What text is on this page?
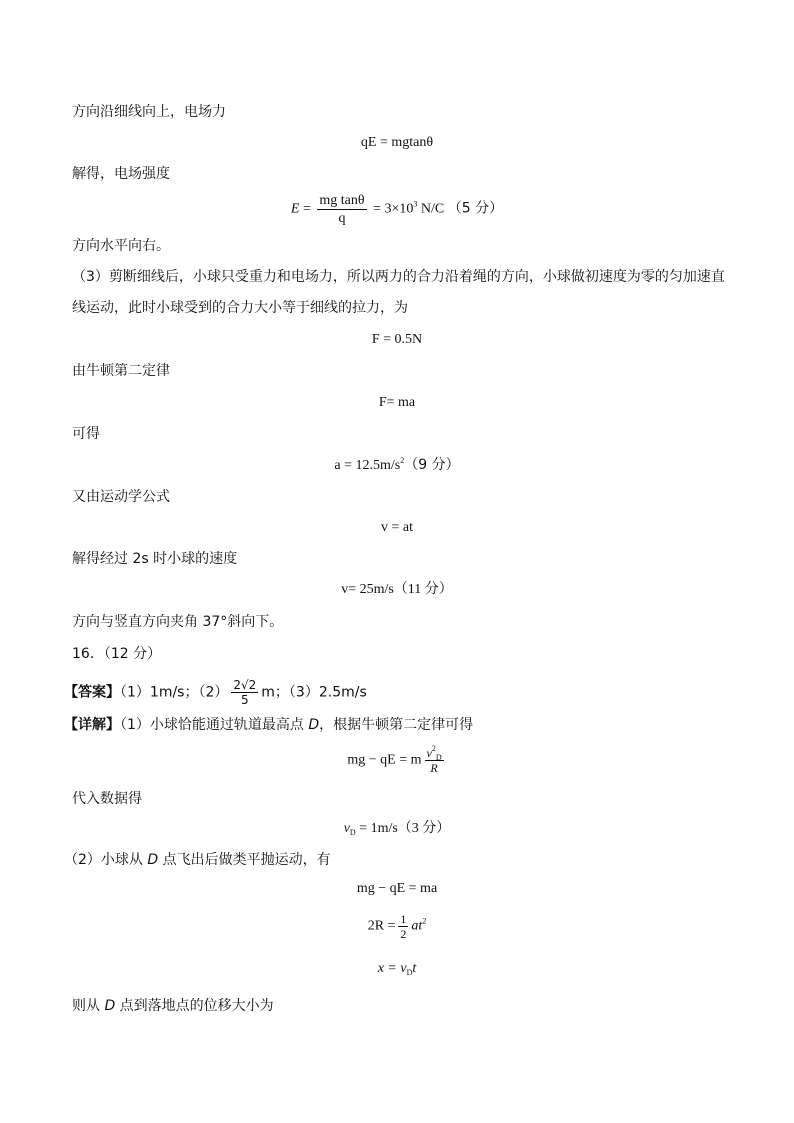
方向沿细线向上，电场力
qE = mgtanθ
解得，电场强度
$E = \frac{\text{mg tanθ}}{q} = 3\times 10^3$ N/C （5 分）
方向水平向右。
（3）剪断细线后，小球只受重力和电场力，所以两力的合力沿着绳的方向，小球做初速度为零的匀加速直
线运动，此时小球受到的合力大小等于细线的拉力，为
F = 0.5N
由牛顿第二定律
F= ma
可得
$a = 12.5m/s^2(9$ 分）
又由运动学公式
v = at
解得经过 2s 时小球的速度
v= 25m/s（11 分）
方向与竖直方向夹角 37°斜向下。
16．（12 分）
【答案】（1）1m/s；$(2) \frac{2√2}{5}$ m；（3）2.5m/s
【详解】（1）小球恰能通过轨道最高点 D，根据牛顿第二定律可得
mg − qE = m $\frac{v^2_D}{R}$
代入数据得
$v_D = 1m/s(3$ 分）
（2）小球从 D 点飞出后做类平抛运动，有
mg − qE = ma
$2R = \frac{1}{2} at^2$
$x = v_Dt$
则从 D 点到落地点的位移大小为
